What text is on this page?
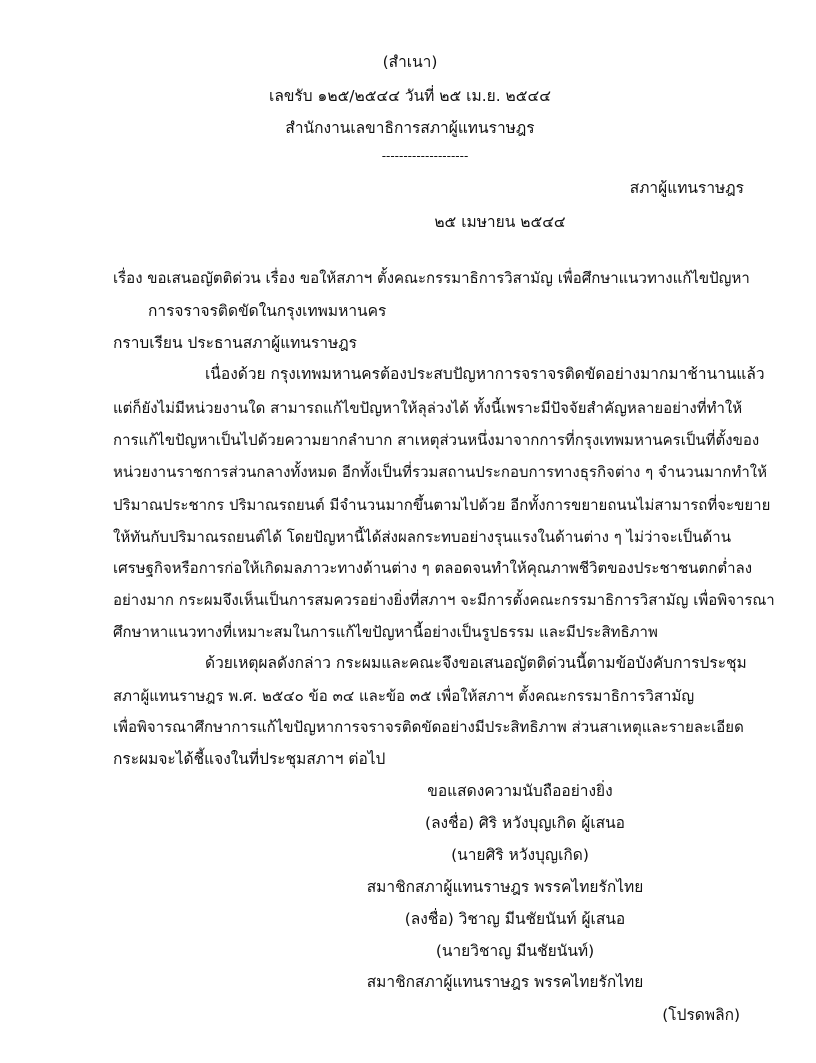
(สำเนา)
เลขรับ ๑๒๕/๒๕๔๔ วันที่ ๒๕ เม.ย. ๒๕๔๔
สำนักงานเลขาธิการสภาผู้แทนราษฎร
--------------------
สภาผู้แทนราษฎร
๒๕ เมษายน ๒๕๔๔
เรื่อง ขอเสนอญัตติด่วน เรื่อง ขอให้สภาฯ ตั้งคณะกรรมาธิการวิสามัญ เพื่อศึกษาแนวทางแก้ไขปัญหา
การจราจรติดขัดในกรุงเทพมหานคร
กราบเรียน ประธานสภาผู้แทนราษฎร
เนื่องด้วย กรุงเทพมหานครต้องประสบปัญหาการจราจรติดขัดอย่างมากมาช้านานแล้ว
แต่ก็ยังไม่มีหน่วยงานใด สามารถแก้ไขปัญหาให้ลุล่วงได้ ทั้งนี้เพราะมีปัจจัยสำคัญหลายอย่างที่ทำให้
การแก้ไขปัญหาเป็นไปด้วยความยากลำบาก สาเหตุส่วนหนึ่งมาจากการที่กรุงเทพมหานครเป็นที่ตั้งของ
หน่วยงานราชการส่วนกลางทั้งหมด อีกทั้งเป็นที่รวมสถานประกอบการทางธุรกิจต่าง ๆ จำนวนมากทำให้
ปริมาณประชากร ปริมาณรถยนต์ มีจำนวนมากขึ้นตามไปด้วย อีกทั้งการขยายถนนไม่สามารถที่จะขยาย
ให้ทันกับปริมาณรถยนต์ได้ โดยปัญหานี้ได้ส่งผลกระทบอย่างรุนแรงในด้านต่าง ๆ ไม่ว่าจะเป็นด้าน
เศรษฐกิจหรือการก่อให้เกิดมลภาวะทางด้านต่าง ๆ ตลอดจนทำให้คุณภาพชีวิตของประชาชนตกต่ำลง
อย่างมาก กระผมจึงเห็นเป็นการสมควรอย่างยิ่งที่สภาฯ จะมีการตั้งคณะกรรมาธิการวิสามัญ เพื่อพิจารณา
ศึกษาหาแนวทางที่เหมาะสมในการแก้ไขปัญหานี้อย่างเป็นรูปธรรม และมีประสิทธิภาพ
ด้วยเหตุผลดังกล่าว กระผมและคณะจึงขอเสนอญัตติด่วนนี้ตามข้อบังคับการประชุม
สภาผู้แทนราษฎร พ.ศ. ๒๕๔๐ ข้อ ๓๔ และข้อ ๓๕ เพื่อให้สภาฯ ตั้งคณะกรรมาธิการวิสามัญ
เพื่อพิจารณาศึกษาการแก้ไขปัญหาการจราจรติดขัดอย่างมีประสิทธิภาพ ส่วนสาเหตุและรายละเอียด
กระผมจะได้ชี้แจงในที่ประชุมสภาฯ ต่อไป
ขอแสดงความนับถืออย่างยิ่ง
(ลงชื่อ) ศิริ หวังบุญเกิด ผู้เสนอ
(นายศิริ หวังบุญเกิด)
สมาชิกสภาผู้แทนราษฎร พรรคไทยรักไทย
(ลงชื่อ) วิชาญ มีนชัยนันท์ ผู้เสนอ
(นายวิชาญ มีนชัยนันท์)
สมาชิกสภาผู้แทนราษฎร พรรคไทยรักไทย
(โปรดพลิก)
